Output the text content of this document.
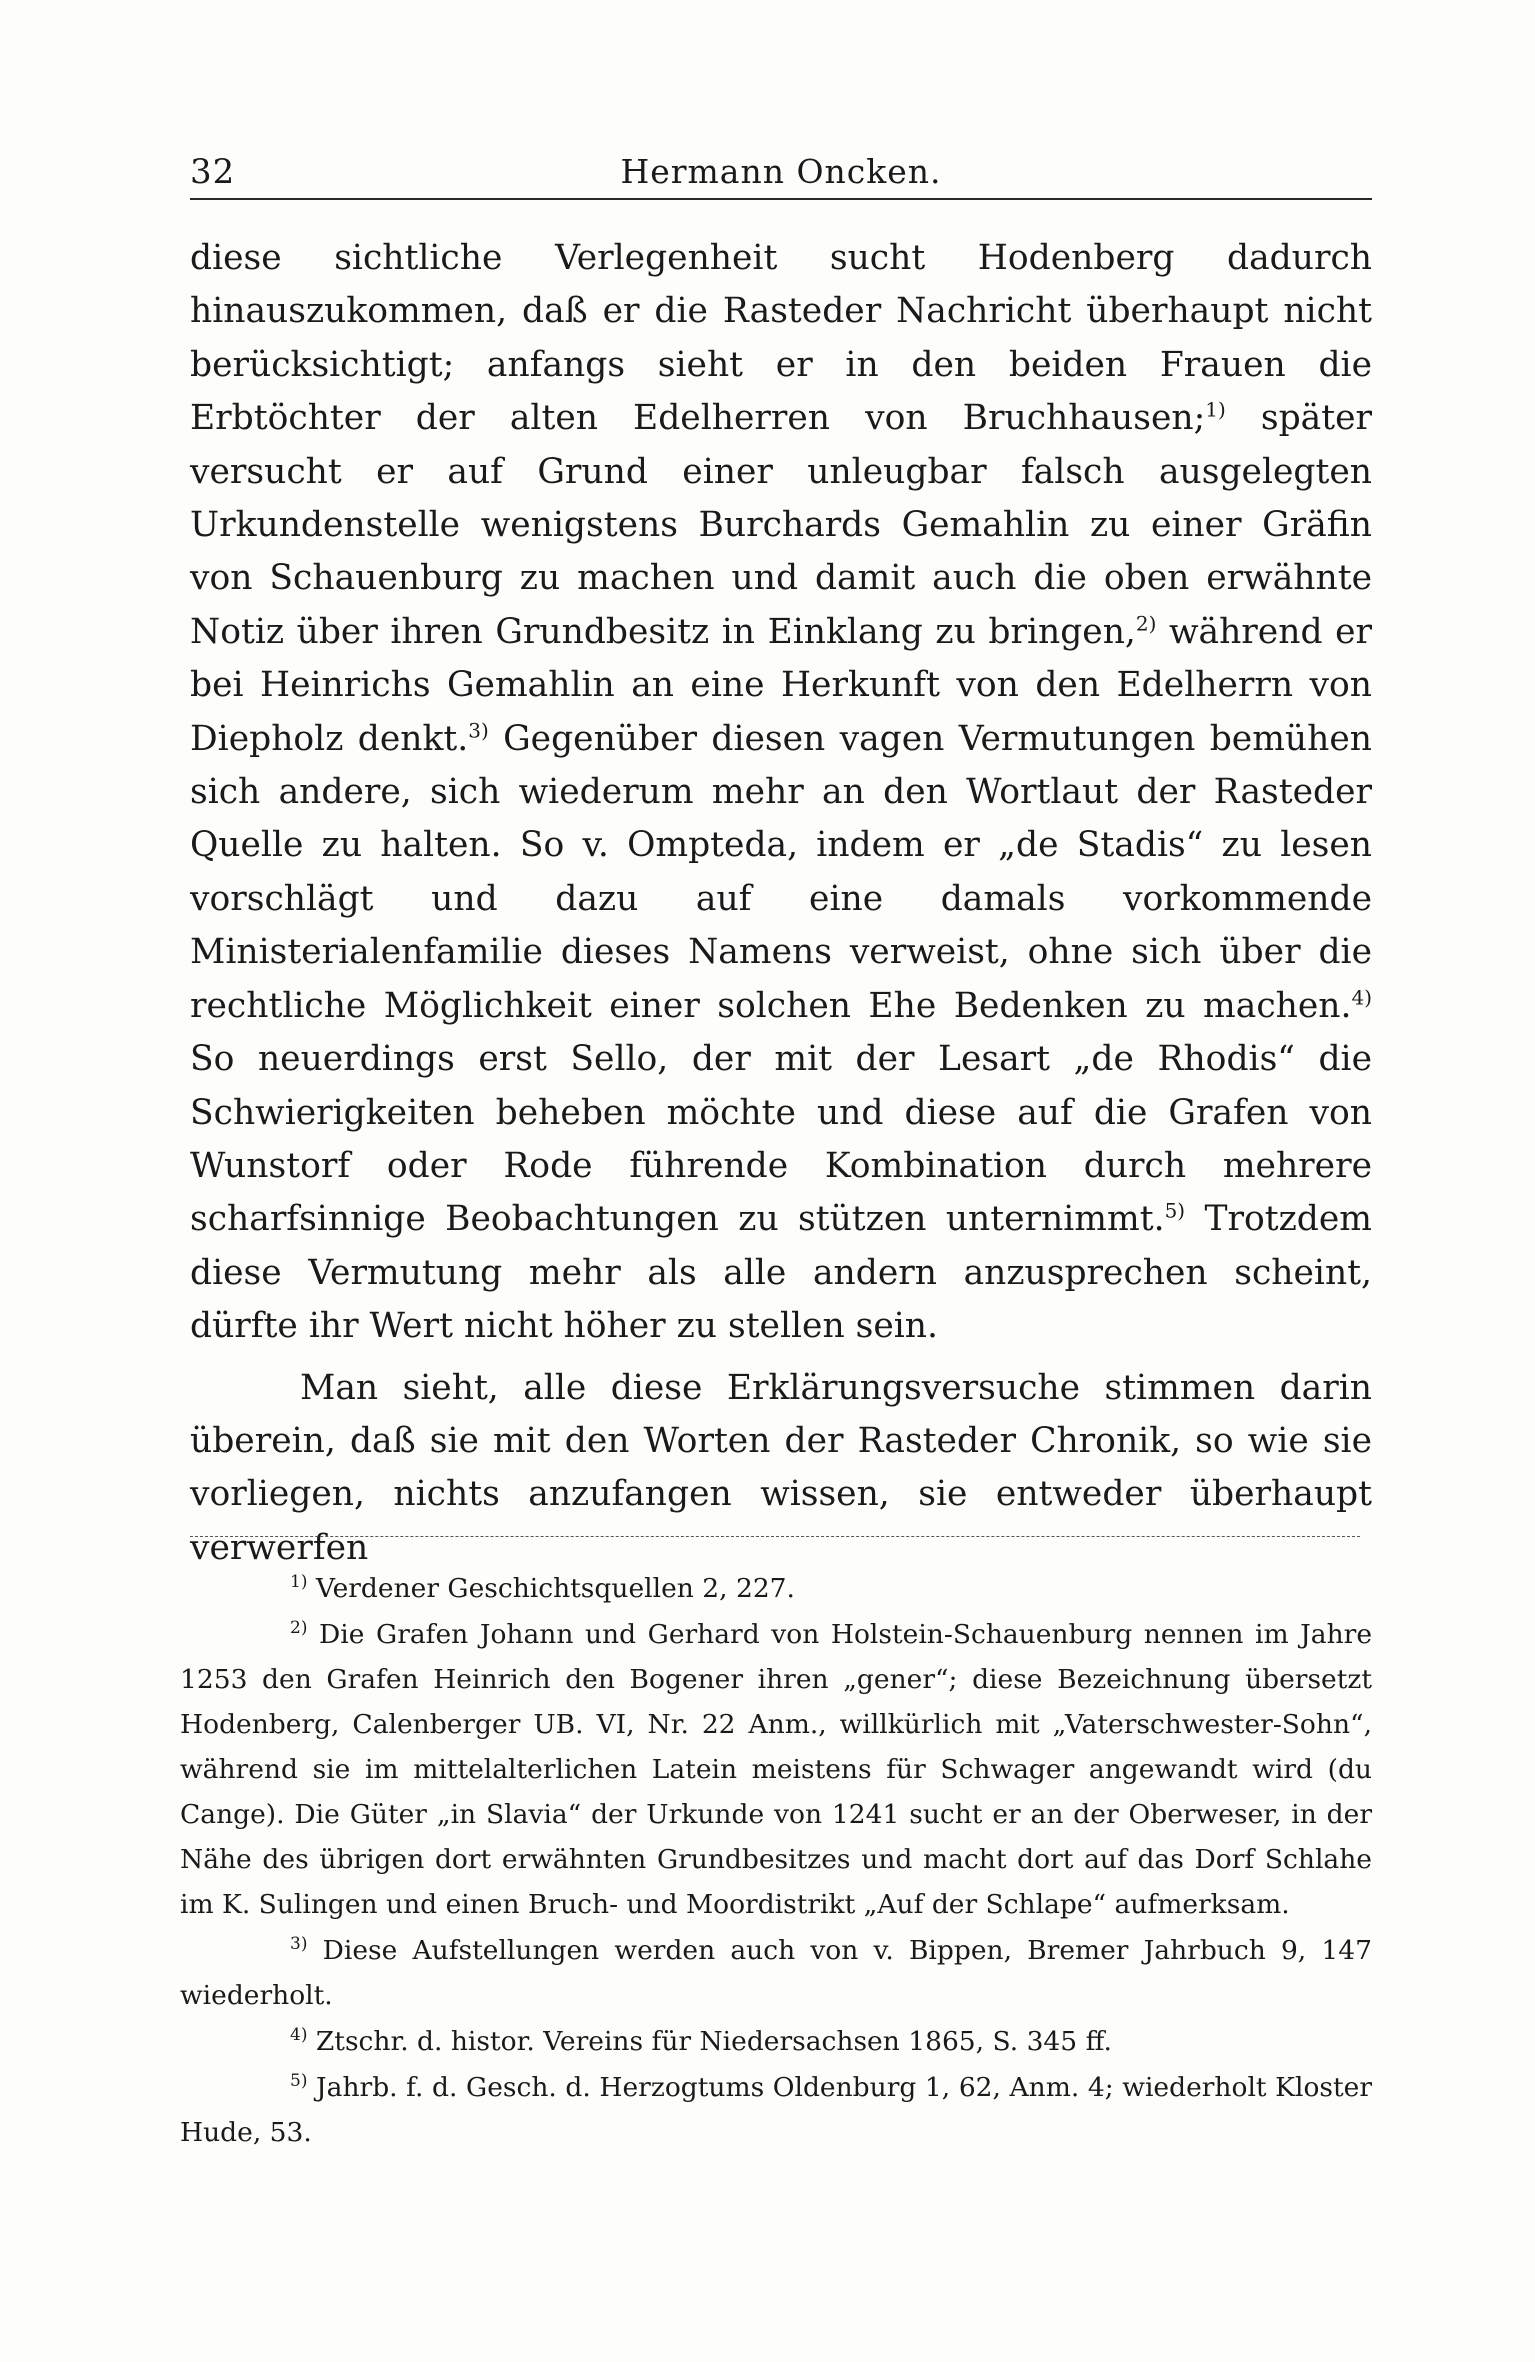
32	Hermann Oncken.

diese sichtliche Verlegenheit sucht Hodenberg dadurch hinauszukommen, daß er die Rasteder Nachricht überhaupt nicht berücksichtigt; anfangs sieht er in den beiden Frauen die Erbtöchter der alten Edelherren von Bruchhausen;$^{1)}$ später versucht er auf Grund einer unleugbar falsch ausgelegten Urkundenstelle wenigstens Burchards Gemahlin zu einer Gräfin von Schauenburg zu machen und damit auch die oben erwähnte Notiz über ihren Grundbesitz in Einklang zu bringen,$^{2)}$ während er bei Heinrichs Gemahlin an eine Herkunft von den Edelherrn von Diepholz denkt.$^{3)}$ Gegenüber diesen vagen Vermutungen bemühen sich andere, sich wiederum mehr an den Wortlaut der Rasteder Quelle zu halten. So v. Ompteda, indem er „de Stadis“ zu lesen vorschlägt und dazu auf eine damals vorkommende Ministerialenfamilie dieses Namens verweist, ohne sich über die rechtliche Möglichkeit einer solchen Ehe Bedenken zu machen.$^{4)}$ So neuerdings erst Sello, der mit der Lesart „de Rhodis“ die Schwierigkeiten beheben möchte und diese auf die Grafen von Wunstorf oder Rode führende Kombination durch mehrere scharfsinnige Beobachtungen zu stützen unternimmt.$^{5)}$ Trotzdem diese Vermutung mehr als alle andern anzusprechen scheint, dürfte ihr Wert nicht höher zu stellen sein.

Man sieht, alle diese Erklärungsversuche stimmen darin überein, daß sie mit den Worten der Rasteder Chronik, so wie sie vorliegen, nichts anzufangen wissen, sie entweder überhaupt verwerfen

$^{1)}$ Verdener Geschichtsquellen 2, 227.

$^{2)}$ Die Grafen Johann und Gerhard von Holstein-Schauenburg nennen im Jahre 1253 den Grafen Heinrich den Bogener ihren „gener“; diese Bezeichnung übersetzt Hodenberg, Calenberger UB. VI, Nr. 22 Anm., willkürlich mit „Vaterschwester-Sohn“, während sie im mittelalterlichen Latein meistens für Schwager angewandt wird (du Cange). Die Güter „in Slavia“ der Urkunde von 1241 sucht er an der Oberweser, in der Nähe des übrigen dort erwähnten Grundbesitzes und macht dort auf das Dorf Schlahe im K. Sulingen und einen Bruch- und Moordistrikt „Auf der Schlape“ aufmerksam.

$^{3)}$ Diese Aufstellungen werden auch von v. Bippen, Bremer Jahrbuch 9, 147 wiederholt.

$^{4)}$ Ztschr. d. histor. Vereins für Niedersachsen 1865, S. 345 ff.

$^{5)}$ Jahrb. f. d. Gesch. d. Herzogtums Oldenburg 1, 62, Anm. 4; wiederholt Kloster Hude, 53.
